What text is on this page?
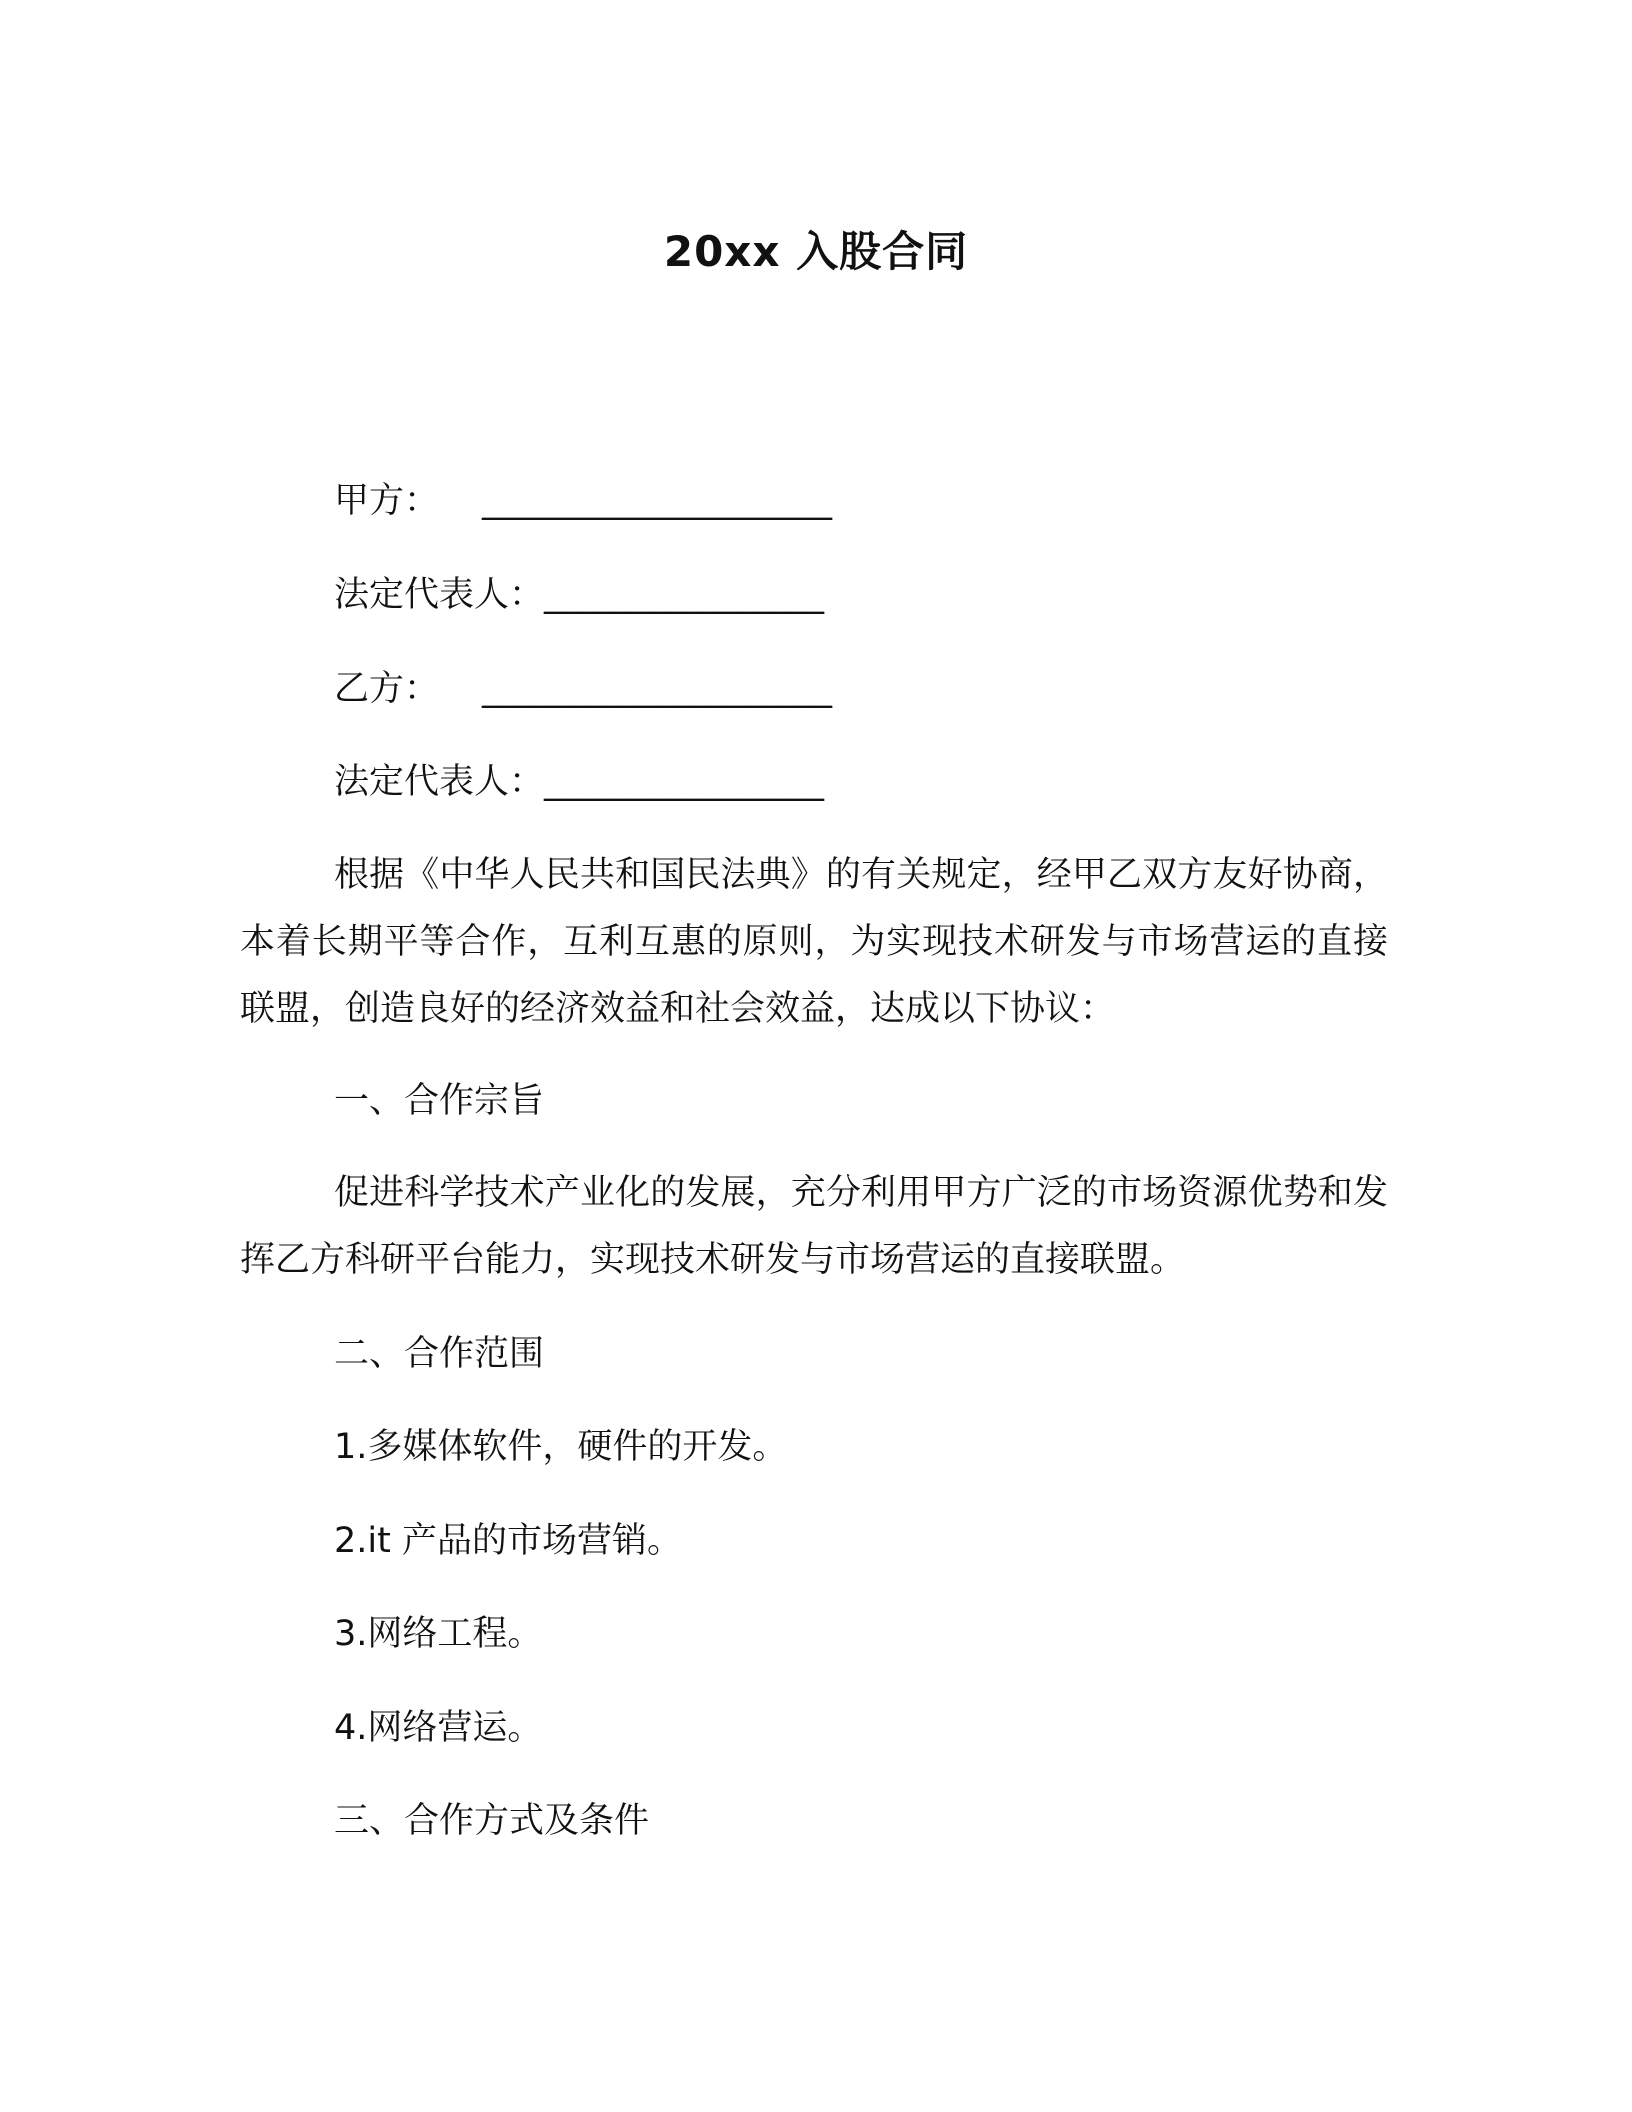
20xx 入股合同
甲方： ____________________
法定代表人：________________
乙方： ____________________
法定代表人：________________
根据《中华人民共和国民法典》的有关规定，经甲乙双方友好协商，本着长期平等合作，互利互惠的原则，为实现技术研发与市场营运的直接联盟，创造良好的经济效益和社会效益，达成以下协议：
一、合作宗旨
促进科学技术产业化的发展，充分利用甲方广泛的市场资源优势和发挥乙方科研平台能力，实现技术研发与市场营运的直接联盟。
二、合作范围
1.多媒体软件，硬件的开发。
2.it 产品的市场营销。
3.网络工程。
4.网络营运。
三、合作方式及条件
